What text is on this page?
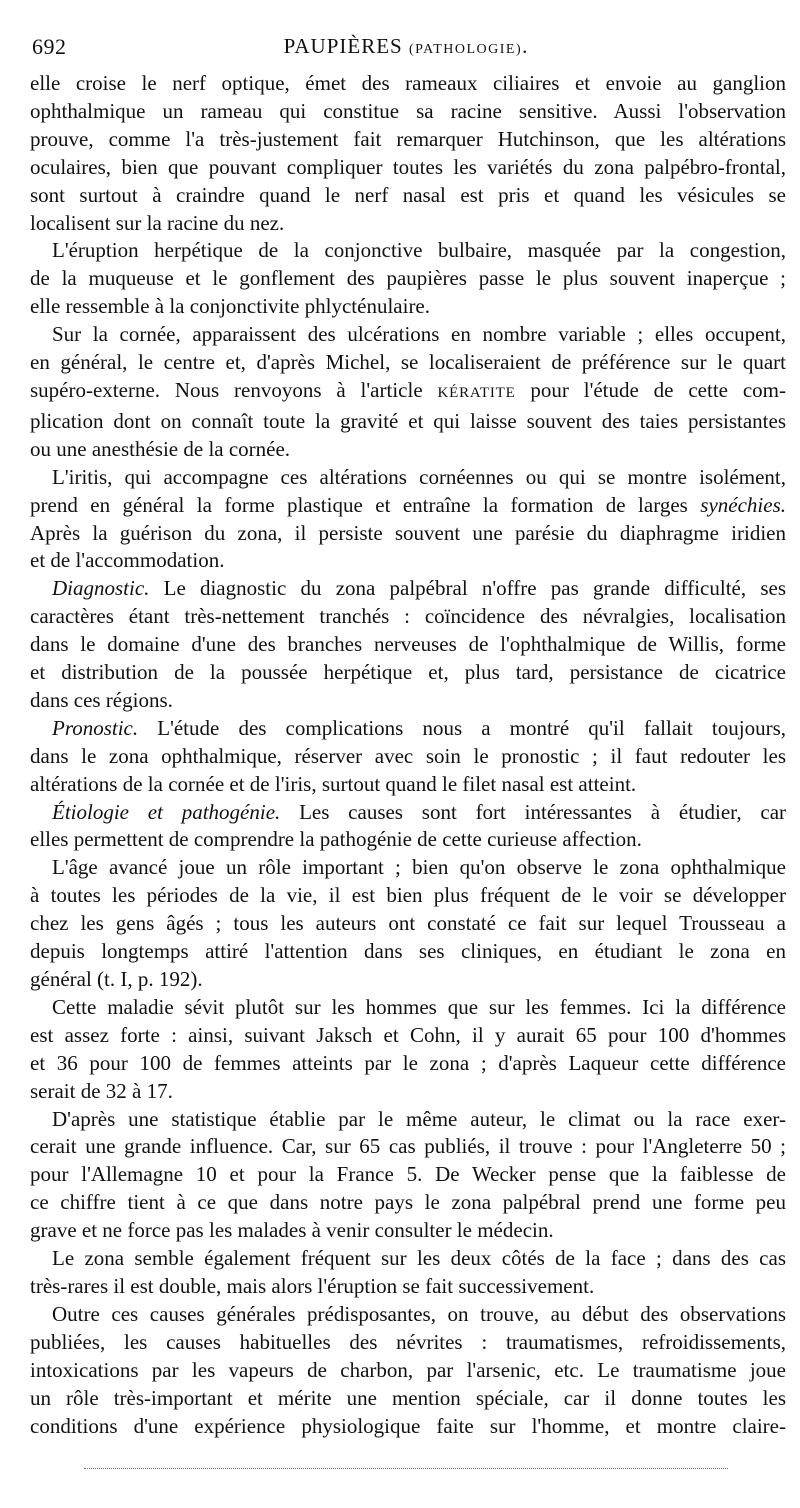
692	PAUPIÈRES (PATHOLOGIE).
elle croise le nerf optique, émet des rameaux ciliaires et envoie au ganglion
ophthalmique un rameau qui constitue sa racine sensitive. Aussi l'observation
prouve, comme l'a très-justement fait remarquer Hutchinson, que les altérations
oculaires, bien que pouvant compliquer toutes les variétés du zona palpébro-frontal,
sont surtout à craindre quand le nerf nasal est pris et quand les vésicules se
localisent sur la racine du nez.
L'éruption herpétique de la conjonctive bulbaire, masquée par la congestion,
de la muqueuse et le gonflement des paupières passe le plus souvent inaperçue ;
elle ressemble à la conjonctivite phlycténulaire.
Sur la cornée, apparaissent des ulcérations en nombre variable ; elles occupent,
en général, le centre et, d'après Michel, se localiseraient de préférence sur le quart
supéro-externe. Nous renvoyons à l'article KÉRATITE pour l'étude de cette com-
plication dont on connaît toute la gravité et qui laisse souvent des taies persistantes
ou une anesthésie de la cornée.
L'iritis, qui accompagne ces altérations cornéennes ou qui se montre isolément,
prend en général la forme plastique et entraîne la formation de larges synéchies.
Après la guérison du zona, il persiste souvent une parésie du diaphragme iridien
et de l'accommodation.
Diagnostic. Le diagnostic du zona palpébral n'offre pas grande difficulté, ses
caractères étant très-nettement tranchés : coïncidence des névralgies, localisation
dans le domaine d'une des branches nerveuses de l'ophthalmique de Willis, forme
et distribution de la poussée herpétique et, plus tard, persistance de cicatrice
dans ces régions.
Pronostic. L'étude des complications nous a montré qu'il fallait toujours,
dans le zona ophthalmique, réserver avec soin le pronostic ; il faut redouter les
altérations de la cornée et de l'iris, surtout quand le filet nasal est atteint.
Étiologie et pathogénie. Les causes sont fort intéressantes à étudier, car
elles permettent de comprendre la pathogénie de cette curieuse affection.
L'âge avancé joue un rôle important ; bien qu'on observe le zona ophthalmique
à toutes les périodes de la vie, il est bien plus fréquent de le voir se développer
chez les gens âgés ; tous les auteurs ont constaté ce fait sur lequel Trousseau a
depuis longtemps attiré l'attention dans ses cliniques, en étudiant le zona en
général (t. I, p. 192).
Cette maladie sévit plutôt sur les hommes que sur les femmes. Ici la différence
est assez forte : ainsi, suivant Jaksch et Cohn, il y aurait 65 pour 100 d'hommes
et 36 pour 100 de femmes atteints par le zona ; d'après Laqueur cette différence
serait de 32 à 17.
D'après une statistique établie par le même auteur, le climat ou la race exer-
cerait une grande influence. Car, sur 65 cas publiés, il trouve : pour l'Angleterre 50 ;
pour l'Allemagne 10 et pour la France 5. De Wecker pense que la faiblesse de
ce chiffre tient à ce que dans notre pays le zona palpébral prend une forme peu
grave et ne force pas les malades à venir consulter le médecin.
Le zona semble également fréquent sur les deux côtés de la face ; dans des cas
très-rares il est double, mais alors l'éruption se fait successivement.
Outre ces causes générales prédisposantes, on trouve, au début des observations
publiées, les causes habituelles des névrites : traumatismes, refroidissements,
intoxications par les vapeurs de charbon, par l'arsenic, etc. Le traumatisme joue
un rôle très-important et mérite une mention spéciale, car il donne toutes les
conditions d'une expérience physiologique faite sur l'homme, et montre claire-
